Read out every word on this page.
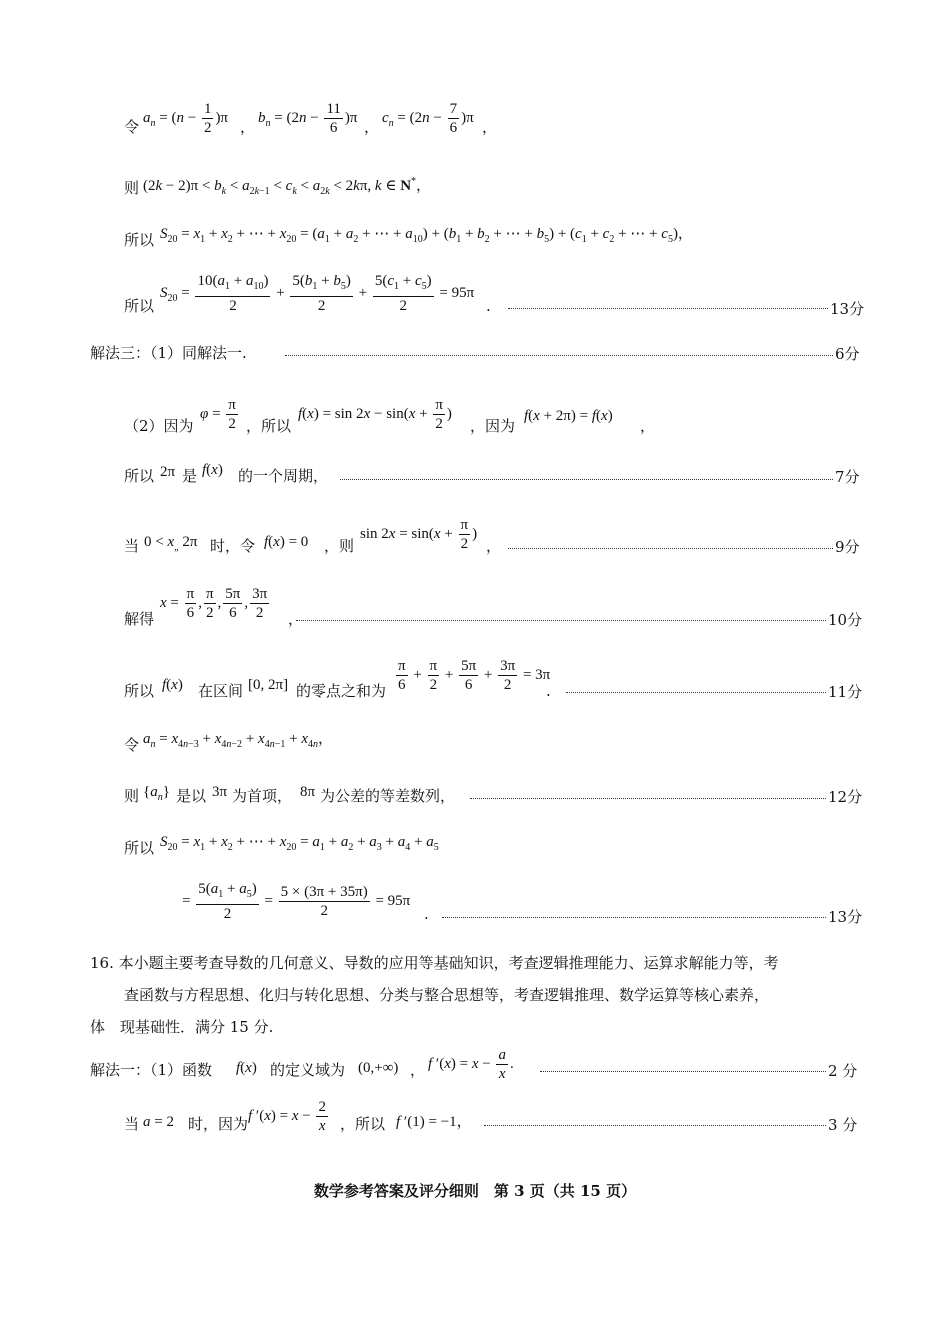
令
$a_n = (n - \frac{1}{2} )\pi$
，
$b_n = (2n - \frac{11}{6} )\pi$
，
$c_n = (2n - \frac{7}{6} )\pi$
，
则 $(2k - 2)\pi < b_k < a_{2k-1} < c_k < a_{2k} < 2k\pi$, k ∈ N*，
所以 $S_{20} = x_1 + x_2$ + ⋯ + $x_{20} = (a_1 + a_2$ + ⋯ + $a_{10}) + (b_1 + b_2$ + ⋯ + $b_5) + (c_1 + c_2$ + ⋯ + $c_5$)，
所以
$S_{20} = \frac{10(a_1 + a_{10})}{2} + \frac{5(b_1 + b_5)}{2} + \frac{5(c_1 + c_5)}{2} = 95\pi$
.	13分
解法三：（1）同解法一.	6分
（2）因为
$\varphi = \frac{\pi}{2}$ ，所以
$f(x) = \sin 2x - \sin(x + \frac{\pi}{2}$ )
，因为
f(x + 2π) = f(x)
，
所以 2π 是 f(x) 的一个周期，	7分
当 $0 < x_„$ 2π 时，令 f(x) = 0 ，则
$\sin 2x = \sin(x + \frac{\pi}{2}$ )
，	9分
解得
$x = \frac{\pi}{6}$ , $\frac{\pi}{2}$ , $\frac{5\pi}{6}$ , $\frac{3\pi}{2}$ ，	10分
所以 f(x) 在区间 [0, 2π] 的零点之和为 $\frac{\pi}{6} + \frac{\pi}{2} + \frac{5\pi}{6} + \frac{3\pi}{2} = 3\pi$
.	11分
令 $a_n = x_{4n-3} + x_{4n-2} + x_{4n-1} + x_{4n}$，
则 $\{a_n\}$ 是以 3π 为首项， 8π 为公差的等差数列，	12分
所以 $S_{20} = x_1 + x_2$ + ⋯ + $x_{20} = a_1 + a_2 + a_3 + a_4 + a_5$
= $\frac{5(a_1 + a_5)}{2} = \frac{5 \times (3\pi + 35\pi)}{2} = 95\pi$
.	13分
16. 本小题主要考查导数的几何意义、导数的应用等基础知识，考查逻辑推理能力、运算求解能力等，考
查函数与方程思想、化归与转化思想、分类与整合思想等，考查逻辑推理、数学运算等核心素养，
体　现基础性．满分 15 分.
解法一：（1）函数 f(x) 的定义域为 (0,+∞) ， f $'(x) = x - \frac{a}{x}$ .	2 分
当 a = 2 时，因为 f $'(x) = x - \frac{2}{x}$ ，所以 f ′(1) = −1，	3 分
数学参考答案及评分细则　第 3 页（共 15 页）
